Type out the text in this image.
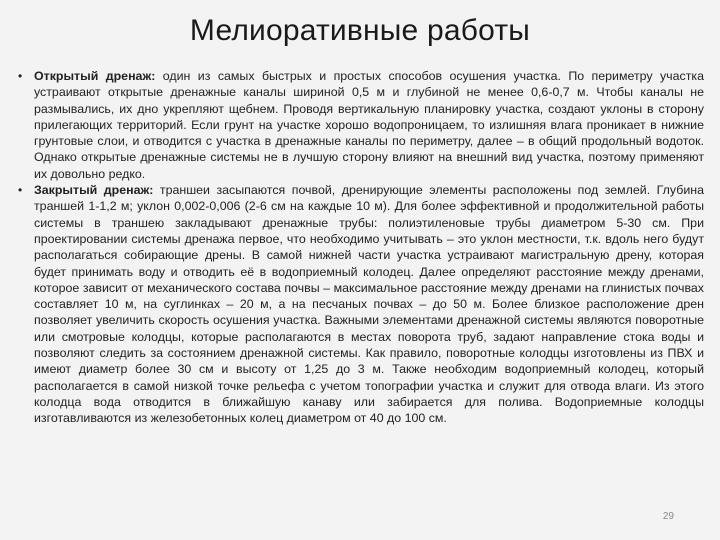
Мелиоративные работы
• Открытый дренаж: один из самых быстрых и простых способов осушения участка. По периметру участка устраивают открытые дренажные каналы шириной 0,5 м и глубиной не менее 0,6-0,7 м. Чтобы каналы не размывались, их дно укрепляют щебнем. Проводя вертикальную планировку участка, создают уклоны в сторону прилегающих территорий. Если грунт на участке хорошо водопроницаем, то излишняя влага проникает в нижние грунтовые слои, и отводится с участка в дренажные каналы по периметру, далее – в общий продольный водоток. Однако открытые дренажные системы не в лучшую сторону влияют на внешний вид участка, поэтому применяют их довольно редко.
• Закрытый дренаж: траншеи засыпаются почвой, дренирующие элементы расположены под землей. Глубина траншей 1-1,2 м; уклон 0,002-0,006 (2-6 см на каждые 10 м). Для более эффективной и продолжительной работы системы в траншею закладывают дренажные трубы: полиэтиленовые трубы диаметром 5-30 см. При проектировании системы дренажа первое, что необходимо учитывать – это уклон местности, т.к. вдоль него будут располагаться собирающие дрены. В самой нижней части участка устраивают магистральную дрену, которая будет принимать воду и отводить её в водоприемный колодец. Далее определяют расстояние между дренами, которое зависит от механического состава почвы – максимальное расстояние между дренами на глинистых почвах составляет 10 м, на суглинках – 20 м, а на песчаных почвах – до 50 м. Более близкое расположение дрен позволяет увеличить скорость осушения участка. Важными элементами дренажной системы являются поворотные или смотровые колодцы, которые располагаются в местах поворота труб, задают направление стока воды и позволяют следить за состоянием дренажной системы. Как правило, поворотные колодцы изготовлены из ПВХ и имеют диаметр более 30 см и высоту от 1,25 до 3 м. Также необходим водоприемный колодец, который располагается в самой низкой точке рельефа с учетом топографии участка и служит для отвода влаги. Из этого колодца вода отводится в ближайшую канаву или забирается для полива. Водоприемные колодцы изготавливаются из железобетонных колец диаметром от 40 до 100 см.
29
